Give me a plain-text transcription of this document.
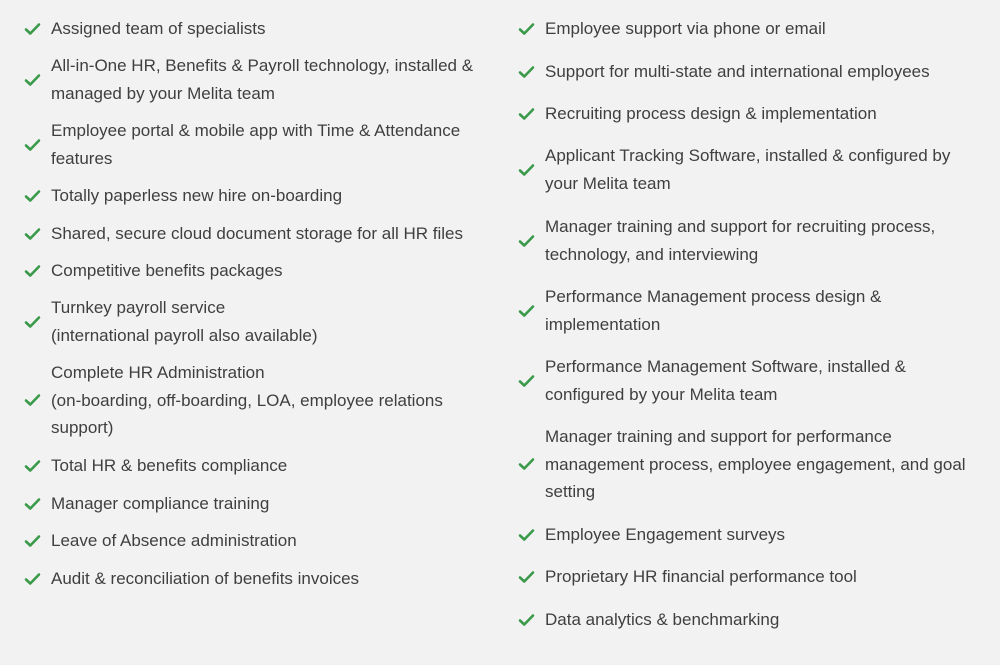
Assigned team of specialists
All-in-One HR, Benefits & Payroll technology, installed &
managed by your Melita team
Employee portal & mobile app with Time & Attendance
features
Totally paperless new hire on-boarding
Shared, secure cloud document storage for all HR files
Competitive benefits packages
Turnkey payroll service
(international payroll also available)
Complete HR Administration
(on-boarding, off-boarding, LOA, employee relations
support)
Total HR & benefits compliance
Manager compliance training
Leave of Absence administration
Audit & reconciliation of benefits invoices
Employee support via phone or email
Support for multi-state and international employees
Recruiting process design & implementation
Applicant Tracking Software, installed & configured by
your Melita team
Manager training and support for recruiting process,
technology, and interviewing
Performance Management process design &
implementation
Performance Management Software, installed &
configured by your Melita team
Manager training and support for performance
management process, employee engagement, and goal
setting
Employee Engagement surveys
Proprietary HR financial performance tool
Data analytics & benchmarking
